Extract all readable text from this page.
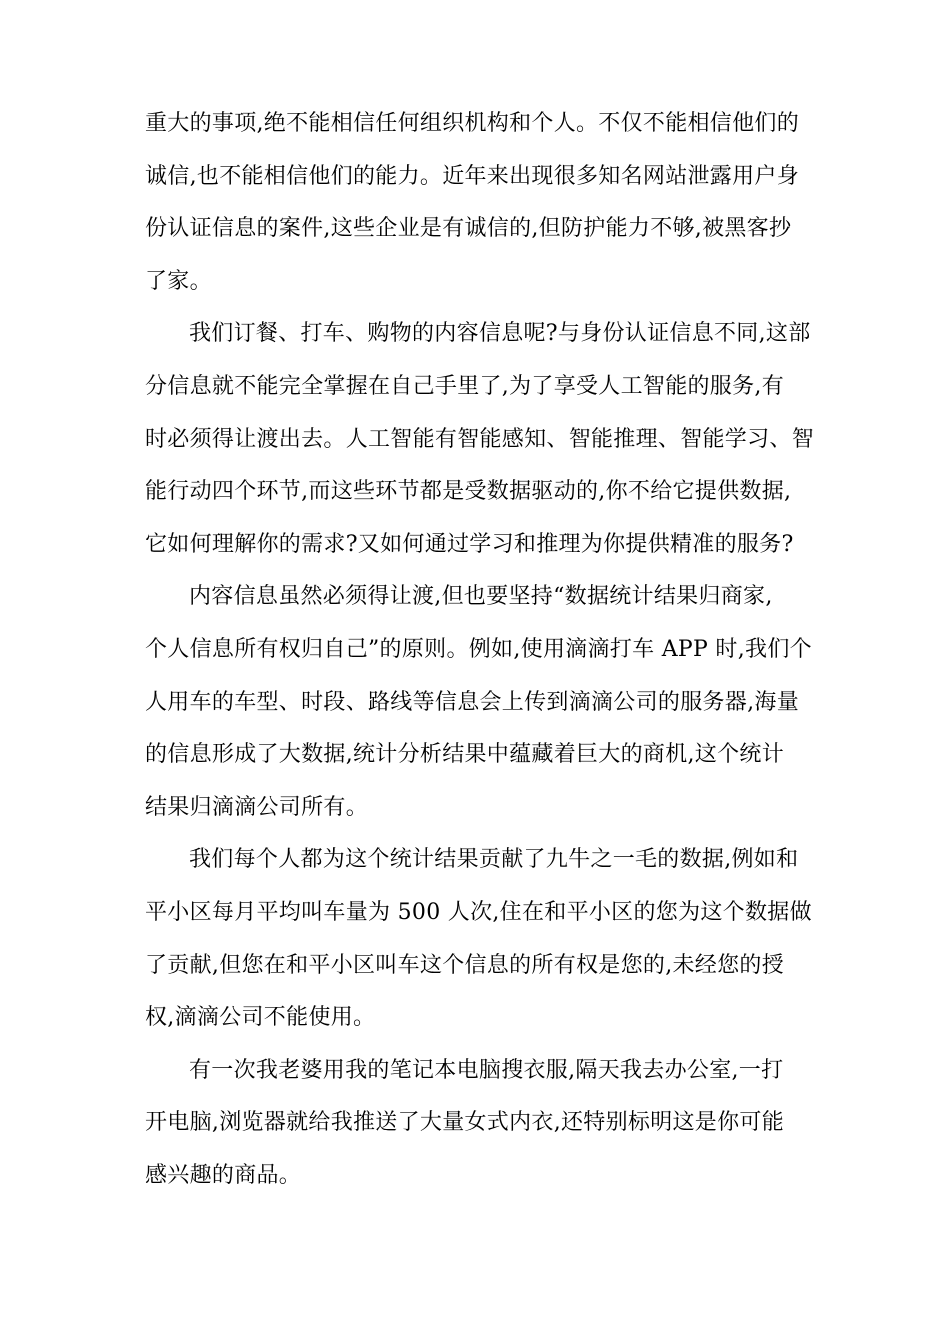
重大的事项,绝不能相信任何组织机构和个人。不仅不能相信他们的
诚信,也不能相信他们的能力。近年来出现很多知名网站泄露用户身
份认证信息的案件,这些企业是有诚信的,但防护能力不够,被黑客抄
了家。

我们订餐、打车、购物的内容信息呢?与身份认证信息不同,这部
分信息就不能完全掌握在自己手里了,为了享受人工智能的服务,有
时必须得让渡出去。人工智能有智能感知、智能推理、智能学习、智
能行动四个环节,而这些环节都是受数据驱动的,你不给它提供数据,
它如何理解你的需求?又如何通过学习和推理为你提供精准的服务?

内容信息虽然必须得让渡,但也要坚持“数据统计结果归商家,
个人信息所有权归自己”的原则。例如,使用滴滴打车 APP 时,我们个
人用车的车型、时段、路线等信息会上传到滴滴公司的服务器,海量
的信息形成了大数据,统计分析结果中蕴藏着巨大的商机,这个统计
结果归滴滴公司所有。

我们每个人都为这个统计结果贡献了九牛之一毛的数据,例如和
平小区每月平均叫车量为 500 人次,住在和平小区的您为这个数据做
了贡献,但您在和平小区叫车这个信息的所有权是您的,未经您的授
权,滴滴公司不能使用。

有一次我老婆用我的笔记本电脑搜衣服,隔天我去办公室,一打
开电脑,浏览器就给我推送了大量女式内衣,还特别标明这是你可能
感兴趣的商品。
